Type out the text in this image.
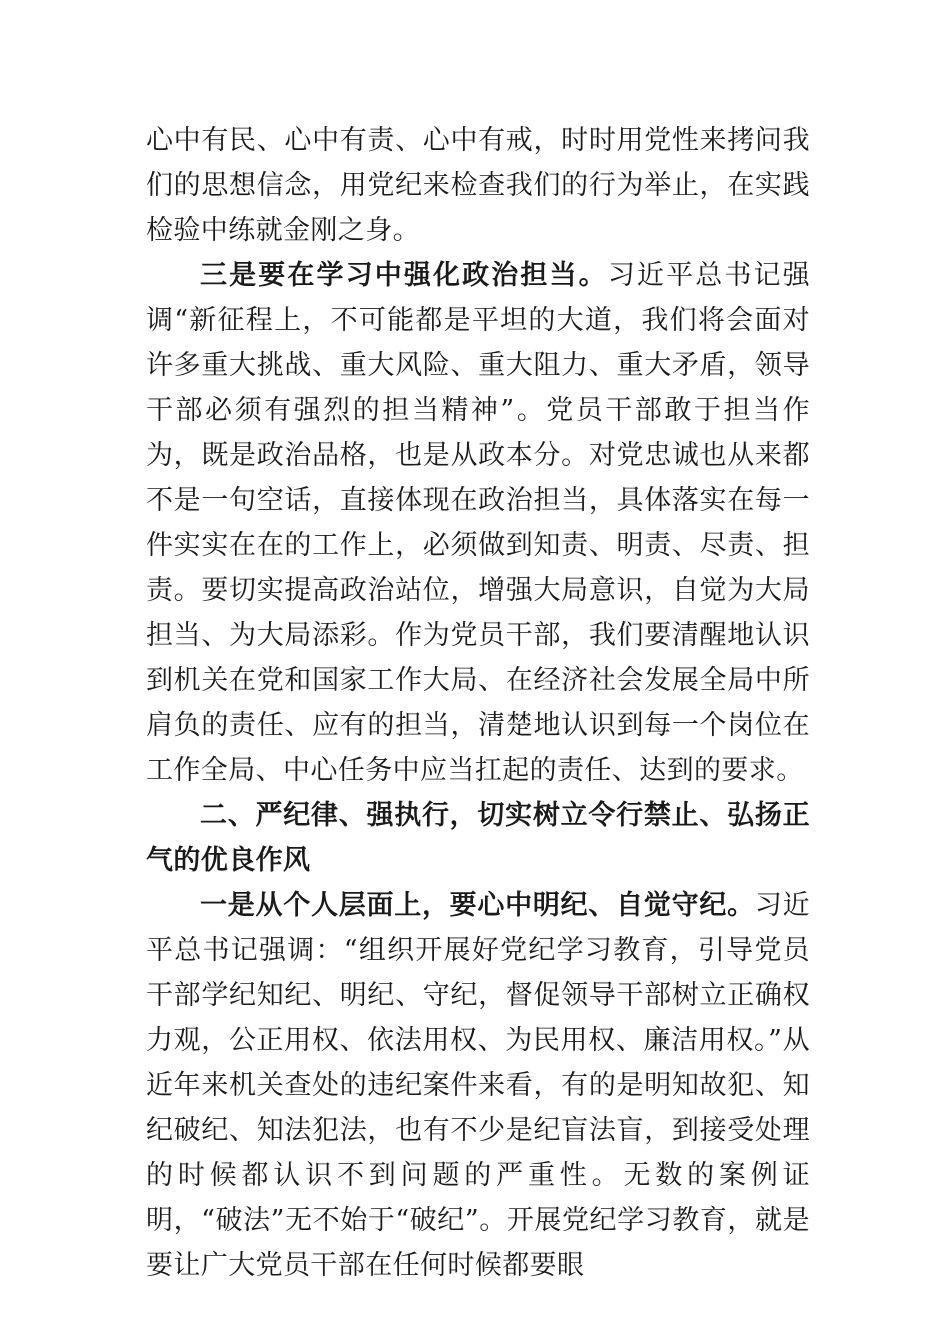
心中有民、心中有责、心中有戒，时时用党性来拷问我们的思想信念，用党纪来检查我们的行为举止，在实践检验中练就金刚之身。

三是要在学习中强化政治担当。习近平总书记强调“新征程上，不可能都是平坦的大道，我们将会面对许多重大挑战、重大风险、重大阻力、重大矛盾，领导干部必须有强烈的担当精神”。党员干部敢于担当作为，既是政治品格，也是从政本分。对党忠诚也从来都不是一句空话，直接体现在政治担当，具体落实在每一件实实在在的工作上，必须做到知责、明责、尽责、担责。要切实提高政治站位，增强大局意识，自觉为大局担当、为大局添彩。作为党员干部，我们要清醒地认识到机关在党和国家工作大局、在经济社会发展全局中所肩负的责任、应有的担当，清楚地认识到每一个岗位在工作全局、中心任务中应当扛起的责任、达到的要求。

二、严纪律、强执行，切实树立令行禁止、弘扬正气的优良作风

一是从个人层面上，要心中明纪、自觉守纪。习近平总书记强调：“组织开展好党纪学习教育，引导党员干部学纪知纪、明纪、守纪，督促领导干部树立正确权力观，公正用权、依法用权、为民用权、廉洁用权。”从近年来机关查处的违纪案件来看，有的是明知故犯、知纪破纪、知法犯法，也有不少是纪盲法盲，到接受处理的时候都认识不到问题的严重性。无数的案例证明，“破法”无不始于“破纪”。开展党纪学习教育，就是要让广大党员干部在任何时候都要眼
